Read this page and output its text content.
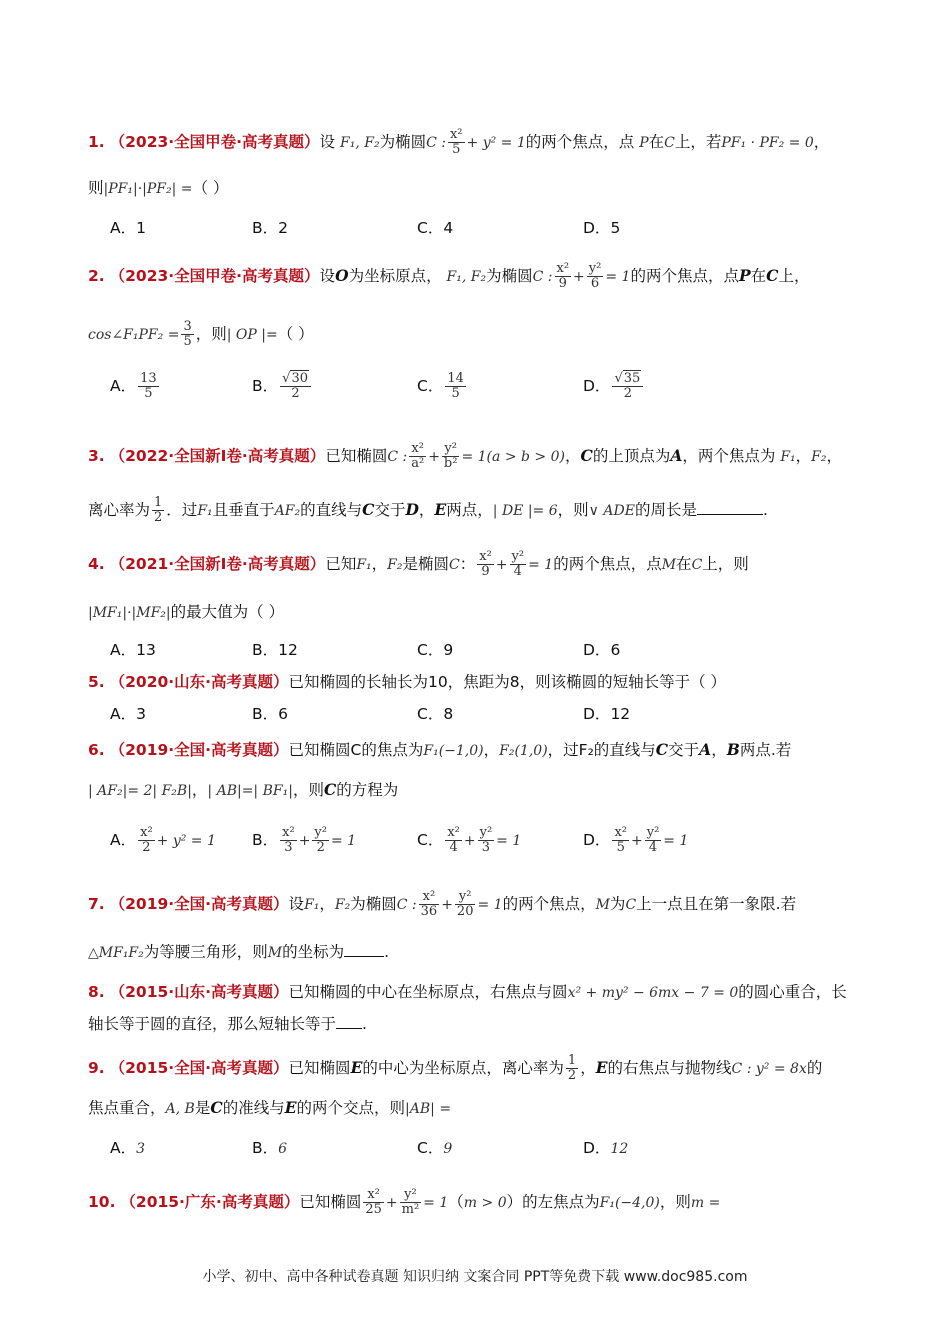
1. （2023·全国甲卷·高考真题）设 F₁, F₂为椭圆C : $\frac{\text{x²}}{5} + y^2 = 1$的两个焦点，点 P在C上，若PF₁ · PF₂ = 0，
则|PF₁|·|PF₂| =（ ）
A．1	B．2	C．4	D．5
2. （2023·全国甲卷·高考真题）设O为坐标原点， F₁, F₂为椭圆C : $\frac{\text{x²}}{9} + \frac{\text{y²}}{6} = 1$的两个焦点，点P在C上，
cos∠F₁PF₂ = $\frac{3}{5}$ ，则| OP |=（ ）
A． $\frac{13}{5}$	B． $\frac{√30}{2}$	C． $\frac{14}{5}$	D． $\frac{√35}{2}$
3. （2022·全国新Ⅰ卷·高考真题）已知椭圆C : $\frac{\text{x²}}{\text{a²}} + \frac{\text{y²}}{\text{b²}} = 1(a > b > 0)$，C的上顶点为A，两个焦点为 F₁，F₂，
离心率为 $\frac{1}{2}$ ．过F₁且垂直于AF₂的直线与C交于D，E两点，| DE |= 6，则∨ ADE的周长是	.
4. （2021·全国新Ⅰ卷·高考真题）已知F₁，F₂是椭圆C： $\frac{\text{x²}}{9} + \frac{\text{y²}}{4} = 1$的两个焦点，点M在C上，则
|MF₁|·|MF₂|的最大值为（ ）
A．13	B．12	C．9	D．6
5. （2020·山东·高考真题）已知椭圆的长轴长为10，焦距为8，则该椭圆的短轴长等于（ ）
A．3	B．6	C．8	D．12
6. （2019·全国·高考真题）已知椭圆C的焦点为F₁(−1,0)，F₂(1,0)，过F₂的直线与C交于A，B两点.若
| AF₂|= 2| F₂B|，| AB|=| BF₁|，则C的方程为
A． $\frac{\text{x²}}{2} + y^2 = 1$ B． $\frac{\text{x²}}{3} + \frac{\text{y²}}{2} = 1$	C． $\frac{\text{x²}}{4} + \frac{\text{y²}}{3} = 1$	D． $\frac{\text{x²}}{5} + \frac{\text{y²}}{4} = 1$
7. （2019·全国·高考真题）设F₁，F₂为椭圆C : $\frac{\text{x²}}{36} + \frac{\text{y²}}{20} = 1$的两个焦点，M为C上一点且在第一象限.若
△MF₁F₂为等腰三角形，则M的坐标为	.
8. （2015·山东·高考真题）已知椭圆的中心在坐标原点，右焦点与圆x² + my² − 6mx − 7 = 0的圆心重合，长
轴长等于圆的直径，那么短轴长等于 .
9. （2015·全国·高考真题）已知椭圆E的中心为坐标原点，离心率为 $\frac{1}{2}$ ，E的右焦点与抛物线C : y² = 8x的
焦点重合，A, B是C的准线与E的两个交点，则|AB| =
A．3	B．6	C．9	D．12
10. （2015·广东·高考真题）已知椭圆 $\frac{\text{x²}}{25} + \frac{\text{y²}}{\text{m²}} = 1(m > 0)$的左焦点为F₁(−4,0)，则m =
小学、初中、高中各种试卷真题 知识归纳 文案合同 PPT等免费下载 www.doc985.com
